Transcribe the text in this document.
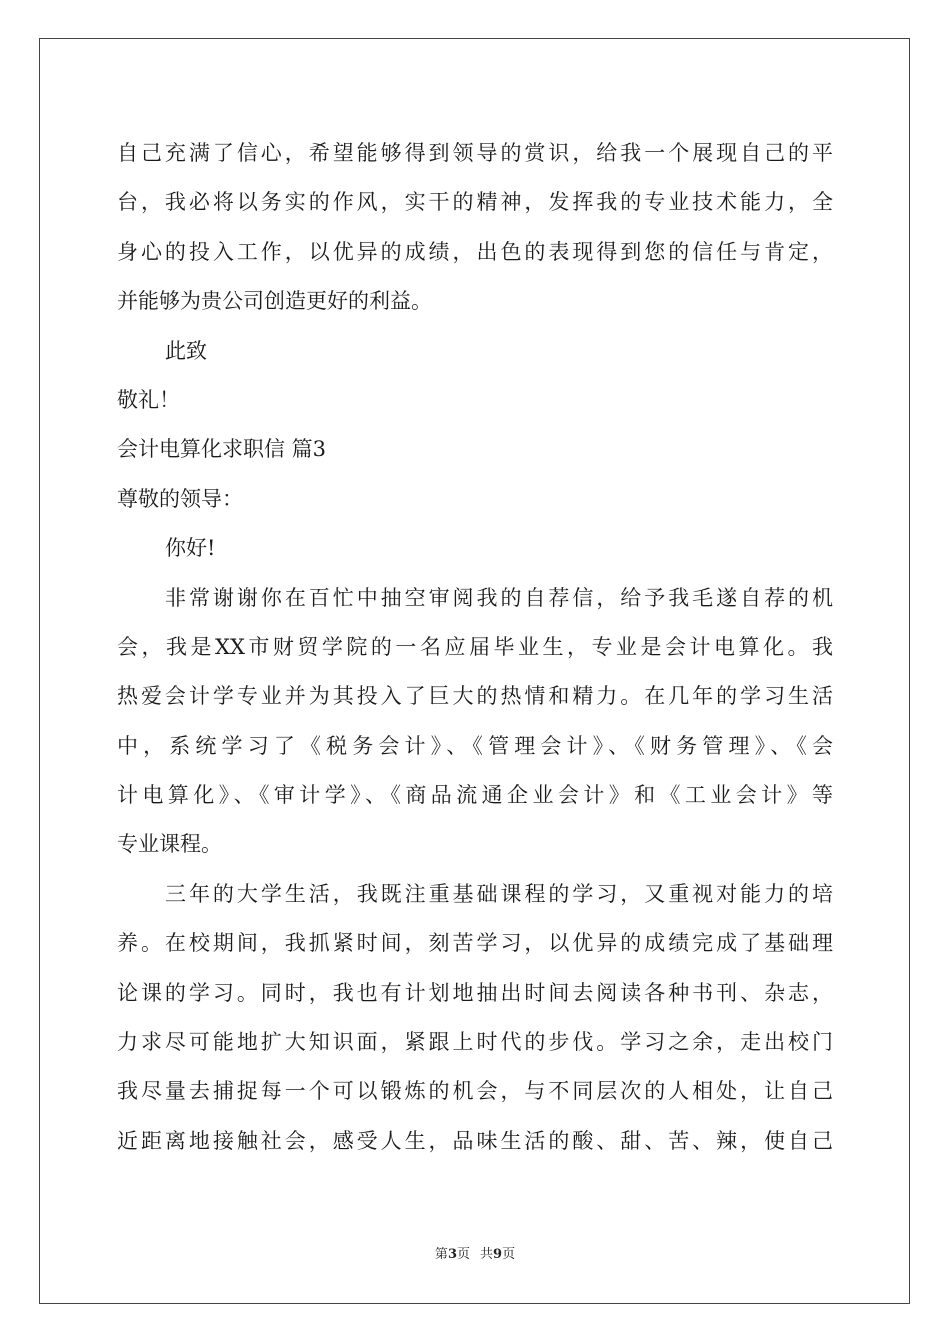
自己充满了信心，希望能够得到领导的赏识，给我一个展现自己的平
台，我必将以务实的作风，实干的精神，发挥我的专业技术能力，全
身心的投入工作，以优异的成绩，出色的表现得到您的信任与肯定，
并能够为贵公司创造更好的利益。
此致
敬礼！
会计电算化求职信 篇3
尊敬的领导：
你好!
非常谢谢你在百忙中抽空审阅我的自荐信，给予我毛遂自荐的机
会，我是XX市财贸学院的一名应届毕业生，专业是会计电算化。我
热爱会计学专业并为其投入了巨大的热情和精力。在几年的学习生活
中，系统学习了《税务会计》、《管理会计》、《财务管理》、《会
计电算化》、《审计学》、《商品流通企业会计》和《工业会计》等
专业课程。
三年的大学生活，我既注重基础课程的学习，又重视对能力的培
养。在校期间，我抓紧时间，刻苦学习，以优异的成绩完成了基础理
论课的学习。同时，我也有计划地抽出时间去阅读各种书刊、杂志，
力求尽可能地扩大知识面，紧跟上时代的步伐。学习之余，走出校门
我尽量去捕捉每一个可以锻炼的机会，与不同层次的人相处，让自己
近距离地接触社会，感受人生，品味生活的酸、甜、苦、辣，使自己
第3页 共9页
